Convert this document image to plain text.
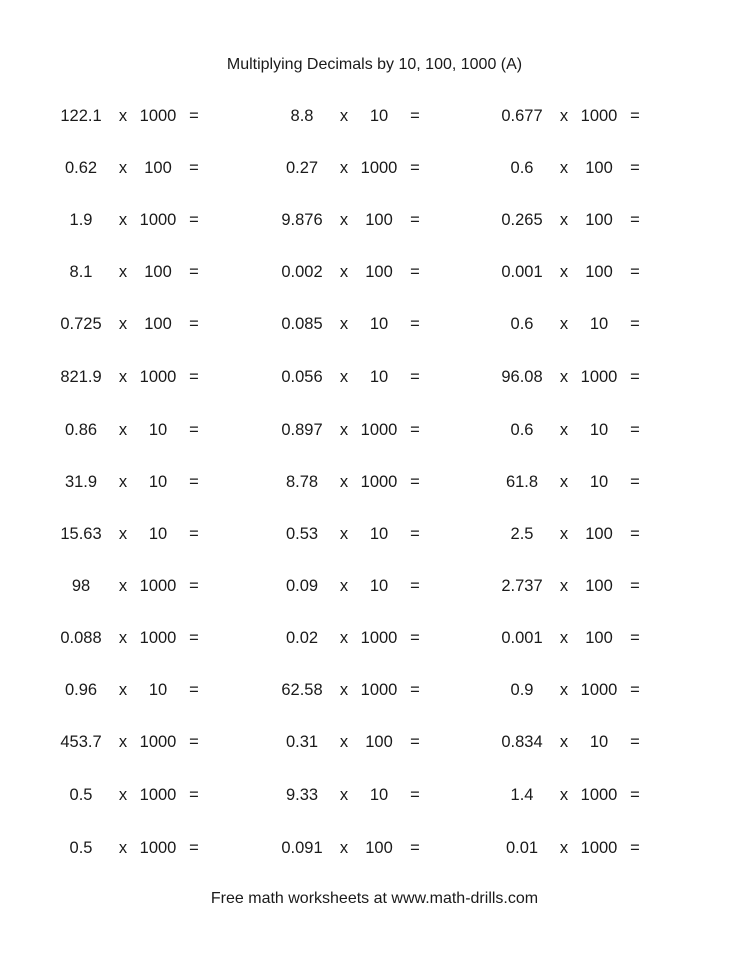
Multiplying Decimals by 10, 100, 1000 (A)
122.1	x 1000 =	8.8	x	10	=	0.677	x 1000 =
0.62	x	100	=	0.27	x 1000 =	0.6	x	100	=
1.9	x 1000 =	9.876	x	100	=	0.265	x	100	=
8.1	x	100	=	0.002	x	100	=	0.001	x	100	=
0.725	x	100	=	0.085	x	10	=	0.6	x	10	=
821.9	x 1000 =	0.056	x	10	=	96.08	x 1000 =
0.86	x	10	=	0.897	x 1000 =	0.6	x	10	=
31.9	x	10	=	8.78	x 1000 =	61.8	x	10	=
15.63	x	10	=	0.53	x	10	=	2.5	x	100	=
98	x 1000 =	0.09	x	10	=	2.737	x	100	=
0.088	x 1000 =	0.02	x 1000 =	0.001	x	100	=
0.96	x	10	=	62.58	x 1000 =	0.9	x 1000 =
453.7	x 1000 =	0.31	x	100	=	0.834	x	10	=
0.5	x 1000 =	9.33	x	10	=	1.4	x 1000 =
0.5	x 1000 =	0.091	x	100	=	0.01	x 1000 =
Free math worksheets at www.math-drills.com
